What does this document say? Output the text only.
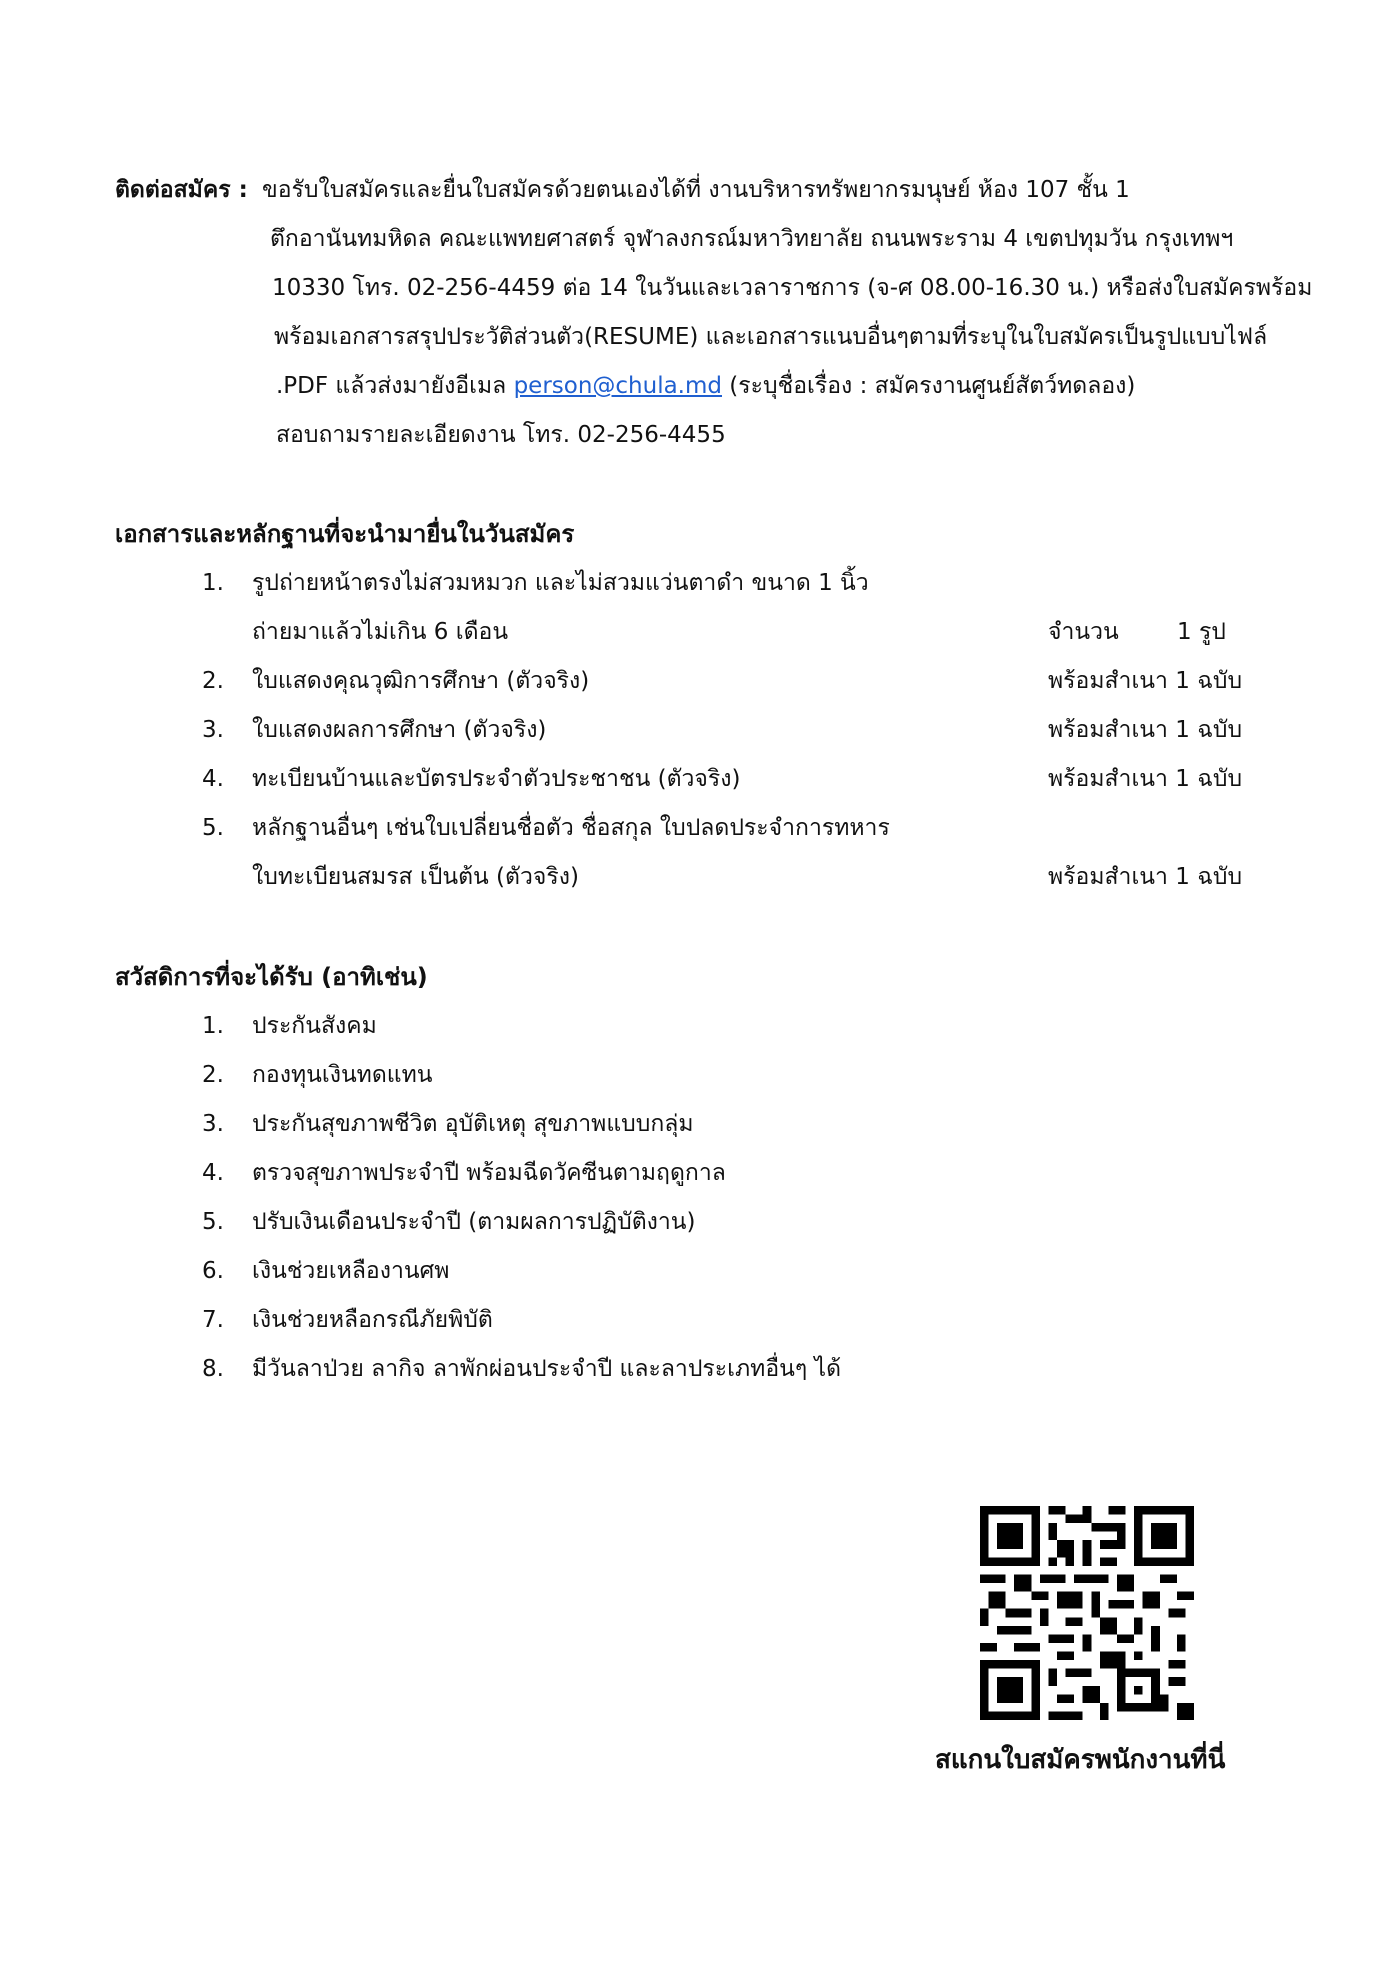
ติดต่อสมัคร : ขอรับใบสมัครและยื่นใบสมัครด้วยตนเองได้ที่ งานบริหารทรัพยากรมนุษย์ ห้อง 107 ชั้น 1
ตึกอานันทมหิดล คณะแพทยศาสตร์ จุฬาลงกรณ์มหาวิทยาลัย ถนนพระราม 4 เขตปทุมวัน กรุงเทพฯ
10330 โทร. 02-256-4459 ต่อ 14 ในวันและเวลาราชการ (จ-ศ 08.00-16.30 น.) หรือส่งใบสมัครพร้อม
พร้อมเอกสารสรุปประวัติส่วนตัว(RESUME) และเอกสารแนบอื่นๆตามที่ระบุในใบสมัครเป็นรูปแบบไฟล์
.PDF แล้วส่งมายังอีเมล person@chula.md (ระบุชื่อเรื่อง : สมัครงานศูนย์สัตว์ทดลอง)
สอบถามรายละเอียดงาน โทร. 02-256-4455
เอกสารและหลักฐานที่จะนำมายื่นในวันสมัคร
1. รูปถ่ายหน้าตรงไม่สวมหมวก และไม่สวมแว่นตาดำ ขนาด 1 นิ้ว
ถ่ายมาแล้วไม่เกิน 6 เดือน	จำนวน	1 รูป
2. ใบแสดงคุณวุฒิการศึกษา (ตัวจริง)	พร้อมสำเนา 1 ฉบับ
3. ใบแสดงผลการศึกษา (ตัวจริง)	พร้อมสำเนา 1 ฉบับ
4. ทะเบียนบ้านและบัตรประจำตัวประชาชน (ตัวจริง)	พร้อมสำเนา 1 ฉบับ
5. หลักฐานอื่นๆ เช่นใบเปลี่ยนชื่อตัว ชื่อสกุล ใบปลดประจำการทหาร
ใบทะเบียนสมรส เป็นต้น (ตัวจริง)	พร้อมสำเนา 1 ฉบับ
สวัสดิการที่จะได้รับ (อาทิเช่น)
1. ประกันสังคม
2. กองทุนเงินทดแทน
3. ประกันสุขภาพชีวิต อุบัติเหตุ สุขภาพแบบกลุ่ม
4. ตรวจสุขภาพประจำปี พร้อมฉีดวัคซีนตามฤดูกาล
5. ปรับเงินเดือนประจำปี (ตามผลการปฏิบัติงาน)
6. เงินช่วยเหลืองานศพ
7. เงินช่วยหลือกรณีภัยพิบัติ
8. มีวันลาป่วย ลากิจ ลาพักผ่อนประจำปี และลาประเภทอื่นๆ ได้
สแกนใบสมัครพนักงานที่นี่
